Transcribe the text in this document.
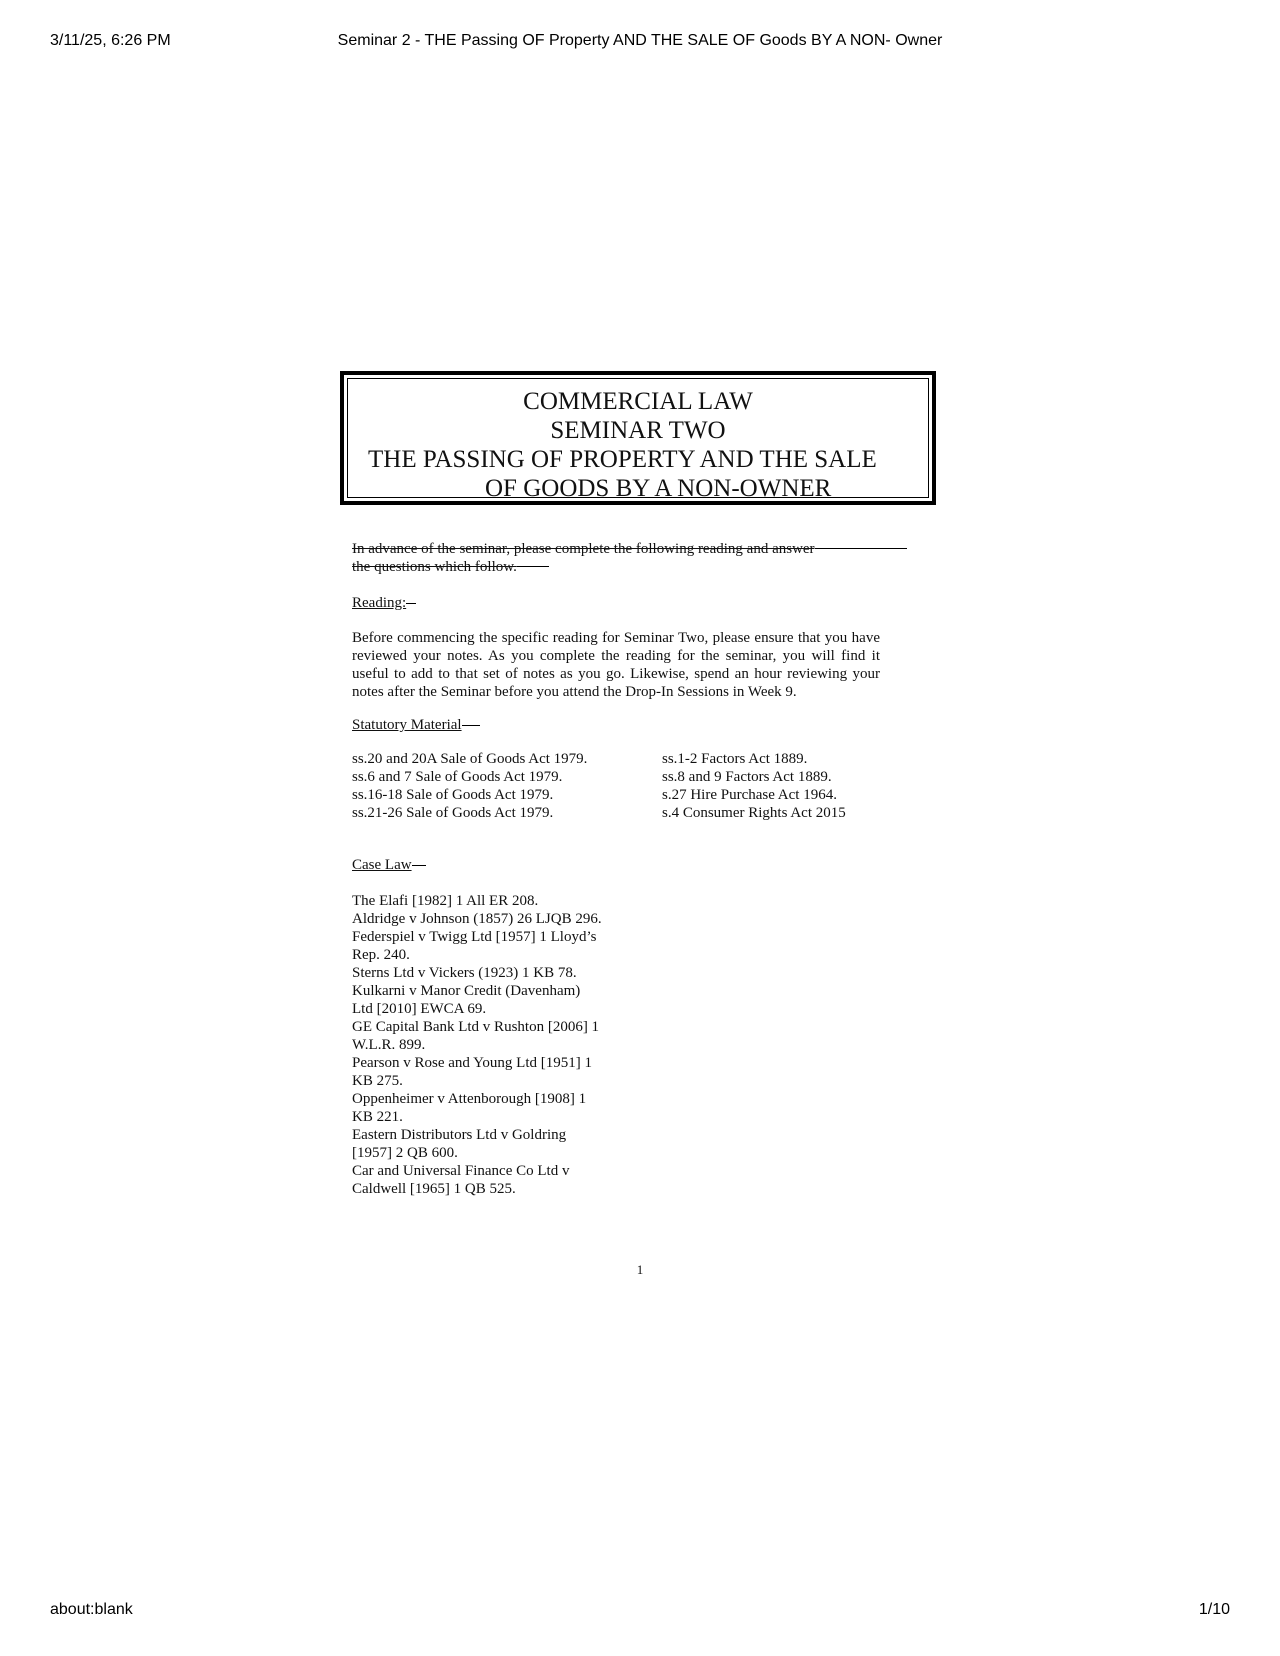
3/11/25, 6:26 PM	Seminar 2 - THE Passing OF Property AND THE SALE OF Goods BY A NON- Owner
COMMERCIAL LAW
SEMINAR TWO
THE PASSING OF PROPERTY AND THE SALE
OF GOODS BY A NON-OWNER
In advance of the seminar, please complete the following reading and answer
the questions which follow.
Reading:
Before commencing the specific reading for Seminar Two, please ensure that you have reviewed your notes. As you complete the reading for the seminar, you will find it useful to add to that set of notes as you go. Likewise, spend an hour reviewing your notes after the Seminar before you attend the Drop-In Sessions in Week 9.
Statutory Material
ss.20 and 20A Sale of Goods Act 1979.
ss.6 and 7 Sale of Goods Act 1979.
ss.16-18 Sale of Goods Act 1979.
ss.21-26 Sale of Goods Act 1979.
ss.1-2 Factors Act 1889.
ss.8 and 9 Factors Act 1889.
s.27 Hire Purchase Act 1964.
s.4 Consumer Rights Act 2015
Case Law
The Elafi [1982] 1 All ER 208.
Aldridge v Johnson (1857) 26 LJQB 296.
Federspiel v Twigg Ltd [1957] 1 Lloyd’s Rep. 240.
Sterns Ltd v Vickers (1923) 1 KB 78.
Kulkarni v Manor Credit (Davenham) Ltd [2010] EWCA 69.
GE Capital Bank Ltd v Rushton [2006] 1 W.L.R. 899.
Pearson v Rose and Young Ltd [1951] 1 KB 275.
Oppenheimer v Attenborough [1908] 1 KB 221.
Eastern Distributors Ltd v Goldring [1957] 2 QB 600.
Car and Universal Finance Co Ltd v Caldwell [1965] 1 QB 525.
1
about:blank	1/10
